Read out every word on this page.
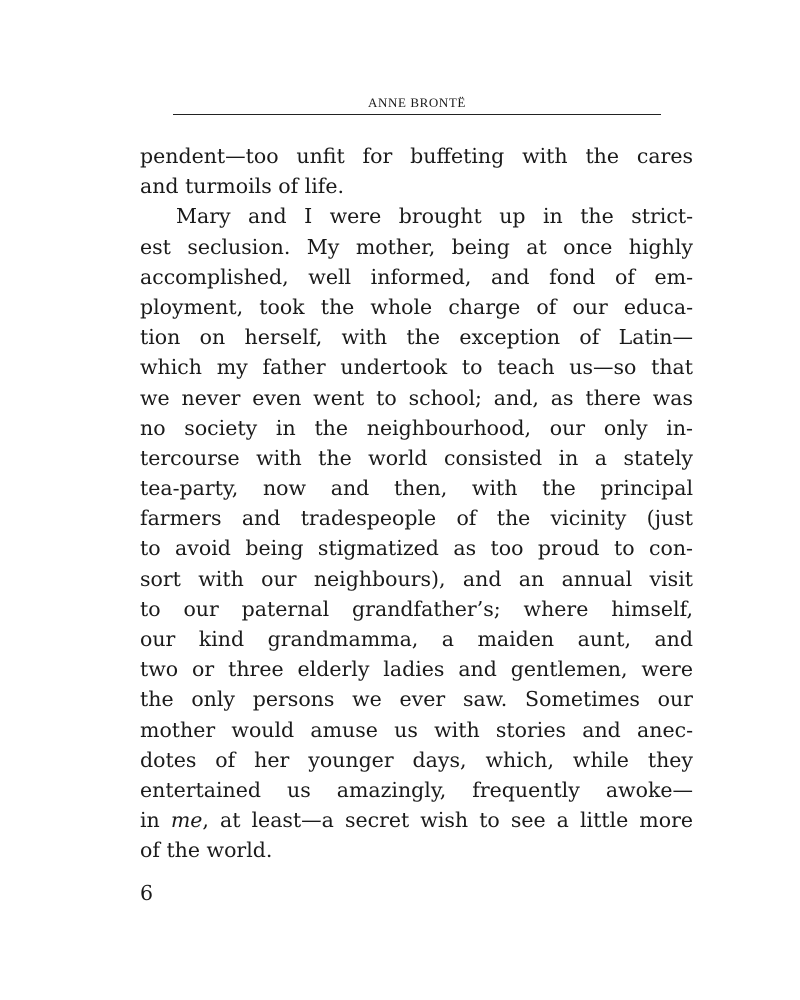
ANNE BRONTË
pendent—too unfit for buffeting with the cares
and turmoils of life.
Mary and I were brought up in the strict-
est seclusion. My mother, being at once highly
accomplished, well informed, and fond of em-
ployment, took the whole charge of our educa-
tion on herself, with the exception of Latin—
which my father undertook to teach us—so that
we never even went to school; and, as there was
no society in the neighbourhood, our only in-
tercourse with the world consisted in a stately
tea-party, now and then, with the principal
farmers and tradespeople of the vicinity (just
to avoid being stigmatized as too proud to con-
sort with our neighbours), and an annual visit
to our paternal grandfather’s; where himself,
our kind grandmamma, a maiden aunt, and
two or three elderly ladies and gentlemen, were
the only persons we ever saw. Sometimes our
mother would amuse us with stories and anec-
dotes of her younger days, which, while they
entertained us amazingly, frequently awoke—
in me, at least—a secret wish to see a little more
of the world.
6
